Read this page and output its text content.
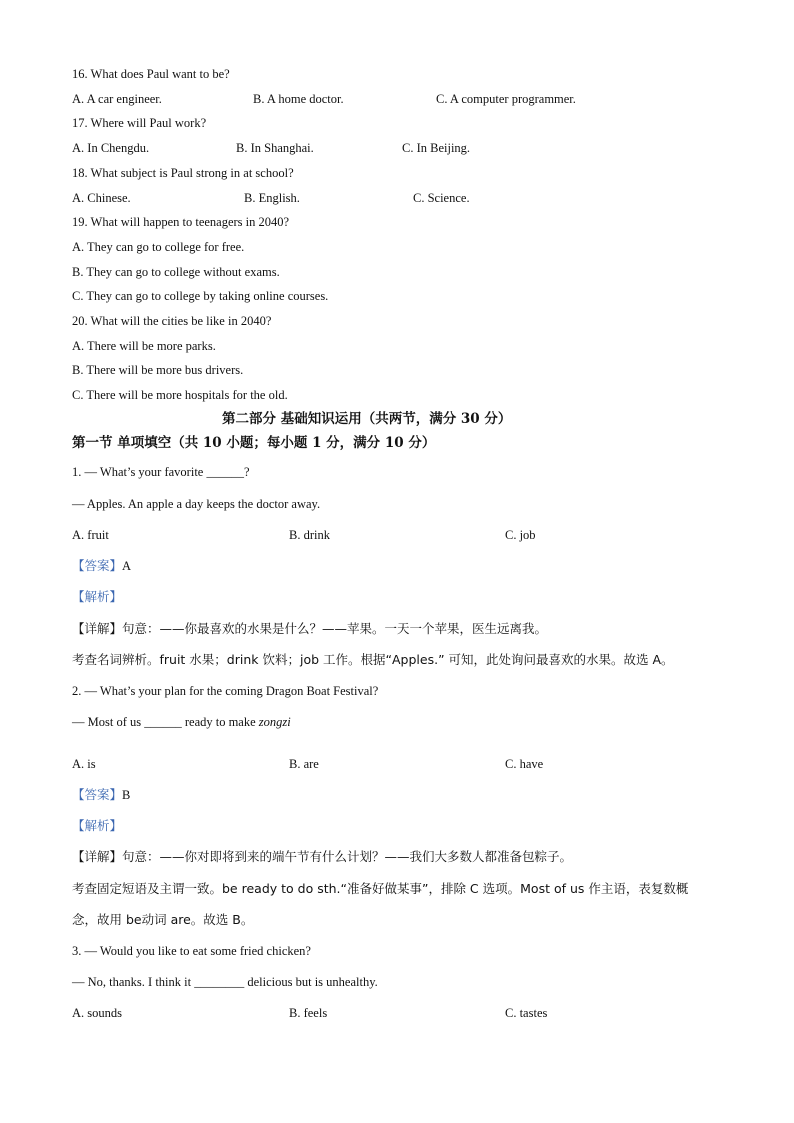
16. What does Paul want to be?
A. A car engineer.	B. A home doctor.	C. A computer programmer.
17. Where will Paul work?
A. In Chengdu.	B. In Shanghai.	C. In Beijing.
18. What subject is Paul strong in at school?
A. Chinese.	B. English.	C. Science.
19. What will happen to teenagers in 2040?
A. They can go to college for free.
B. They can go to college without exams.
C. They can go to college by taking online courses.
20. What will the cities be like in 2040?
A. There will be more parks.
B. There will be more bus drivers.
C. There will be more hospitals for the old.
第二部分 基础知识运用（共两节，满分 30 分）
第一节 单项填空（共 10 小题；每小题 1 分，满分 10 分）
1. — What’s your favorite ______?
— Apples. An apple a day keeps the doctor away.
A. fruit	B. drink	C. job
【答案】A
【解析】
【详解】句意：——你最喜欢的水果是什么？——苹果。一天一个苹果，医生远离我。
考查名词辨析。fruit 水果；drink 饮料；job 工作。根据“Apples.” 可知，此处询问最喜欢的水果。故选 A。
2. — What’s your plan for the coming Dragon Boat Festival?
— Most of us ______ ready to make zongzi
A. is	B. are	C. have
【答案】B
【解析】
【详解】句意：——你对即将到来的端午节有什么计划？——我们大多数人都准备包粽子。
考查固定短语及主谓一致。be ready to do sth.“准备好做某事”，排除 C 选项。Most of us 作主语，表复数概
念，故用 be动词 are。故选 B。
3. — Would you like to eat some fried chicken?
— No, thanks. I think it ________ delicious but is unhealthy.
A. sounds	B. feels	C. tastes
